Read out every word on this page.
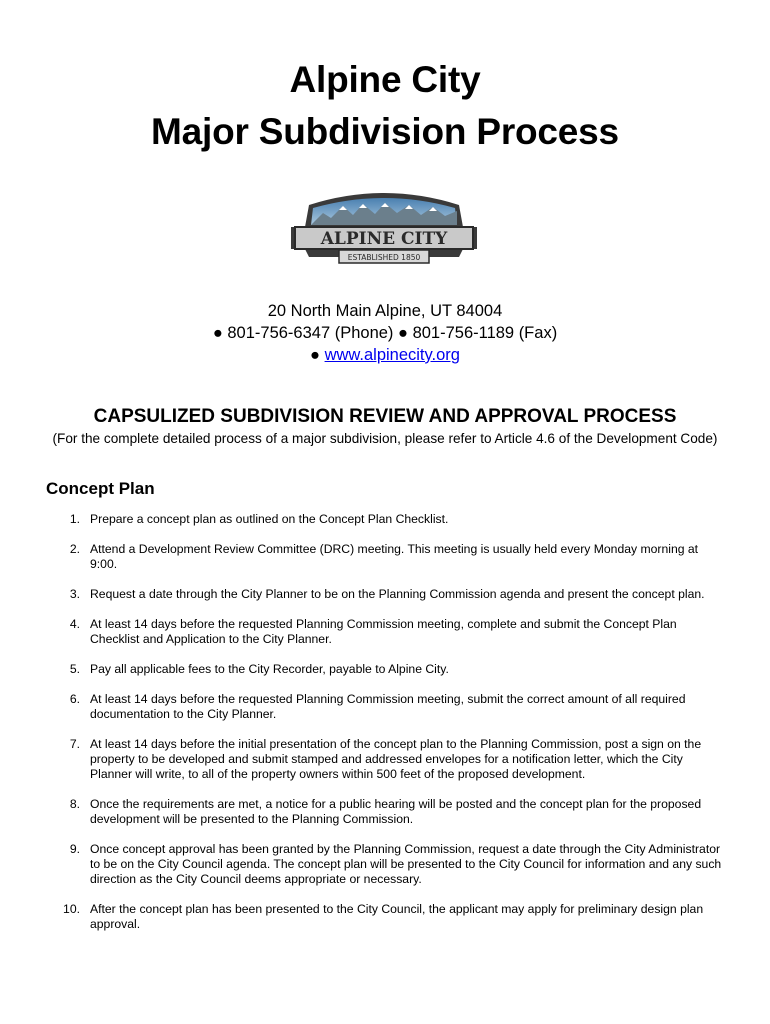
Alpine City
Major Subdivision Process
ALPINE CITY
ESTABLISHED 1850
20 North Main Alpine, UT 84004
● 801-756-6347 (Phone) ● 801-756-1189 (Fax)
● www.alpinecity.org
CAPSULIZED SUBDIVISION REVIEW AND APPROVAL PROCESS
(For the complete detailed process of a major subdivision, please refer to Article 4.6 of the Development Code)
Concept Plan
1. Prepare a concept plan as outlined on the Concept Plan Checklist.
2. Attend a Development Review Committee (DRC) meeting. This meeting is usually held every Monday morning at 9:00.
3. Request a date through the City Planner to be on the Planning Commission agenda and present the concept plan.
4. At least 14 days before the requested Planning Commission meeting, complete and submit the Concept Plan Checklist and Application to the City Planner.
5. Pay all applicable fees to the City Recorder, payable to Alpine City.
6. At least 14 days before the requested Planning Commission meeting, submit the correct amount of all required documentation to the City Planner.
7. At least 14 days before the initial presentation of the concept plan to the Planning Commission, post a sign on the property to be developed and submit stamped and addressed envelopes for a notification letter, which the City Planner will write, to all of the property owners within 500 feet of the proposed development.
8. Once the requirements are met, a notice for a public hearing will be posted and the concept plan for the proposed development will be presented to the Planning Commission.
9. Once concept approval has been granted by the Planning Commission, request a date through the City Administrator to be on the City Council agenda. The concept plan will be presented to the City Council for information and any such direction as the City Council deems appropriate or necessary.
10. After the concept plan has been presented to the City Council, the applicant may apply for preliminary design plan approval.
